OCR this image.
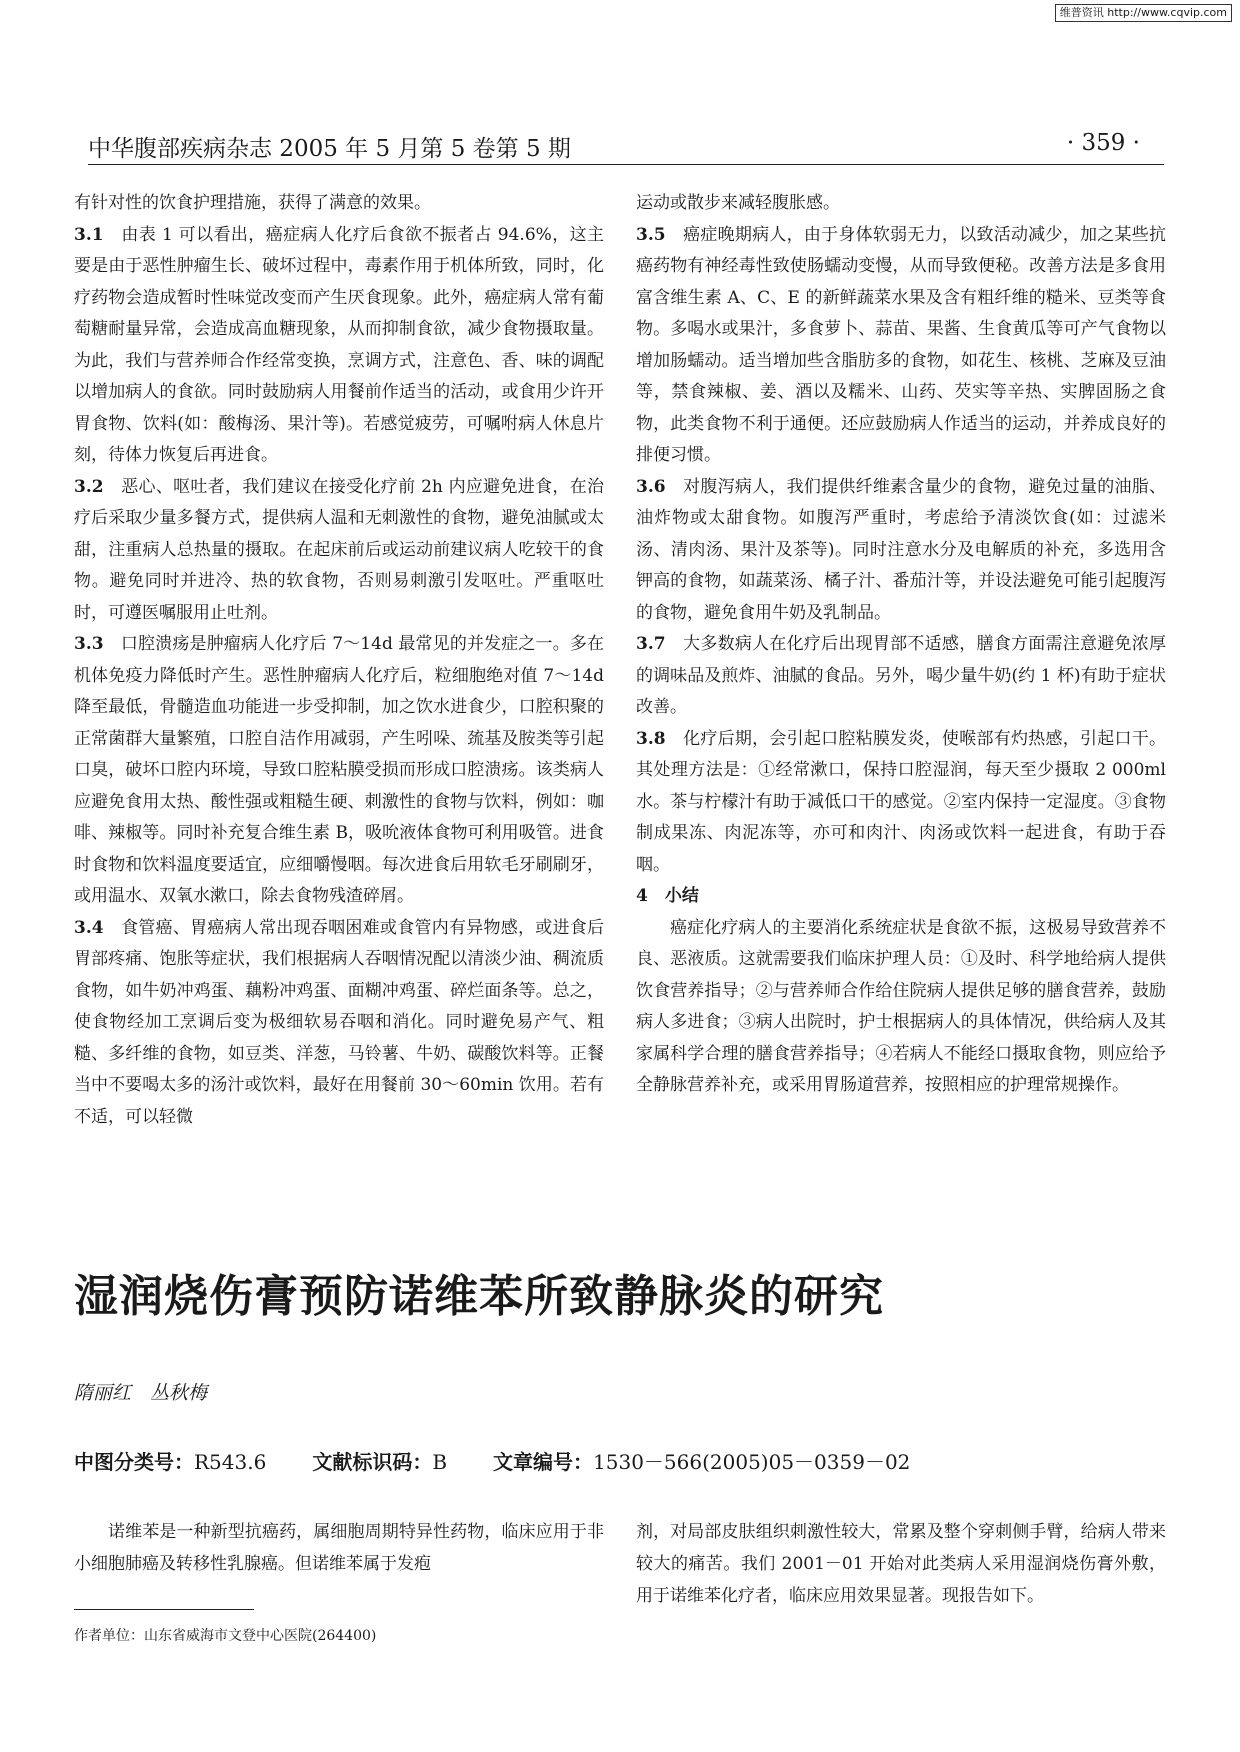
维普资讯 http://www.cqvip.com
中华腹部疾病杂志 2005 年 5 月第 5 卷第 5 期	· 359 ·

有针对性的饮食护理措施，获得了满意的效果。

3.1　 由表 1 可以看出，癌症病人化疗后食欲不振者占 94.6%，这主要是由于恶性肿瘤生长、破坏过程中，毒素作用于机体所致，同时，化疗药物会造成暂时性味觉改变而产生厌食现象。此外，癌症病人常有葡萄糖耐量异常，会造成高血糖现象，从而抑制食欲，减少食物摄取量。为此，我们与营养师合作经常变换，烹调方式，注意色、香、味的调配以增加病人的食欲。同时鼓励病人用餐前作适当的活动，或食用少许开胃食物、饮料(如：酸梅汤、果汁等)。若感觉疲劳，可嘱咐病人休息片刻，待体力恢复后再进食。

3.2　 恶心、呕吐者，我们建议在接受化疗前 2h 内应避免进食，在治疗后采取少量多餐方式，提供病人温和无刺激性的食物，避免油腻或太甜，注重病人总热量的摄取。在起床前后或运动前建议病人吃较干的食物。避免同时并进冷、热的软食物，否则易刺激引发呕吐。严重呕吐时，可遵医嘱服用止吐剂。

3.3　 口腔溃疡是肿瘤病人化疗后 7～14d 最常见的并发症之一。多在机体免疫力降低时产生。恶性肿瘤病人化疗后，粒细胞绝对值 7～14d 降至最低，骨髓造血功能进一步受抑制，加之饮水进食少，口腔积聚的正常菌群大量繁殖，口腔自洁作用减弱，产生吲哚、巯基及胺类等引起口臭，破坏口腔内环境，导致口腔粘膜受损而形成口腔溃疡。该类病人应避免食用太热、酸性强或粗糙生硬、刺激性的食物与饮料，例如：咖啡、辣椒等。同时补充复合维生素 B，吸吮液体食物可利用吸管。进食时食物和饮料温度要适宜，应细嚼慢咽。每次进食后用软毛牙刷刷牙，或用温水、双氧水漱口，除去食物残渣碎屑。

3.4　 食管癌、胃癌病人常出现吞咽困难或食管内有异物感，或进食后胃部疼痛、饱胀等症状，我们根据病人吞咽情况配以清淡少油、稠流质食物，如牛奶冲鸡蛋、藕粉冲鸡蛋、面糊冲鸡蛋、碎烂面条等。总之，使食物经加工烹调后变为极细软易吞咽和消化。同时避免易产气、粗糙、多纤维的食物，如豆类、洋葱，马铃薯、牛奶、碳酸饮料等。正餐当中不要喝太多的汤汁或饮料，最好在用餐前 30～60min 饮用。若有不适，可以轻微

运动或散步来减轻腹胀感。

3.5　 癌症晚期病人，由于身体软弱无力，以致活动减少，加之某些抗癌药物有神经毒性致使肠蠕动变慢，从而导致便秘。改善方法是多食用富含维生素 A、C、E 的新鲜蔬菜水果及含有粗纤维的糙米、豆类等食物。多喝水或果汁，多食萝卜、蒜苗、果酱、生食黄瓜等可产气食物以增加肠蠕动。适当增加些含脂肪多的食物，如花生、核桃、芝麻及豆油等，禁食辣椒、姜、酒以及糯米、山药、芡实等辛热、实脾固肠之食物，此类食物不利于通便。还应鼓励病人作适当的运动，并养成良好的排便习惯。

3.6　 对腹泻病人，我们提供纤维素含量少的食物，避免过量的油脂、油炸物或太甜食物。如腹泻严重时，考虑给予清淡饮食(如：过滤米汤、清肉汤、果汁及茶等)。同时注意水分及电解质的补充，多选用含钾高的食物，如蔬菜汤、橘子汁、番茄汁等，并设法避免可能引起腹泻的食物，避免食用牛奶及乳制品。

3.7　 大多数病人在化疗后出现胃部不适感，膳食方面需注意避免浓厚的调味品及煎炸、油腻的食品。另外，喝少量牛奶(约 1 杯)有助于症状改善。

3.8　 化疗后期，会引起口腔粘膜发炎，使喉部有灼热感，引起口干。其处理方法是：①经常漱口，保持口腔湿润，每天至少摄取 2 000ml 水。茶与柠檬汁有助于减低口干的感觉。②室内保持一定湿度。③食物制成果冻、肉泥冻等，亦可和肉汁、肉汤或饮料一起进食，有助于吞咽。

4　小结

癌症化疗病人的主要消化系统症状是食欲不振，这极易导致营养不良、恶液质。这就需要我们临床护理人员：①及时、科学地给病人提供饮食营养指导；②与营养师合作给住院病人提供足够的膳食营养，鼓励病人多进食；③病人出院时，护士根据病人的具体情况，供给病人及其家属科学合理的膳食营养指导；④若病人不能经口摄取食物，则应给予全静脉营养补充，或采用胃肠道营养，按照相应的护理常规操作。

湿润烧伤膏预防诺维苯所致静脉炎的研究
隋丽红　丛秋梅
中图分类号：R543.6 文献标识码：B 文章编号：1530－566(2005)05－0359－02
诺维苯是一种新型抗癌药，属细胞周期特异性药物，临床应用于非小细胞肺癌及转移性乳腺癌。但诺维苯属于发疱
剂，对局部皮肤组织刺激性较大，常累及整个穿刺侧手臂，给病人带来较大的痛苦。我们 2001－01 开始对此类病人采用湿润烧伤膏外敷，用于诺维苯化疗者，临床应用效果显著。现报告如下。
作者单位：山东省威海市文登中心医院(264400)
